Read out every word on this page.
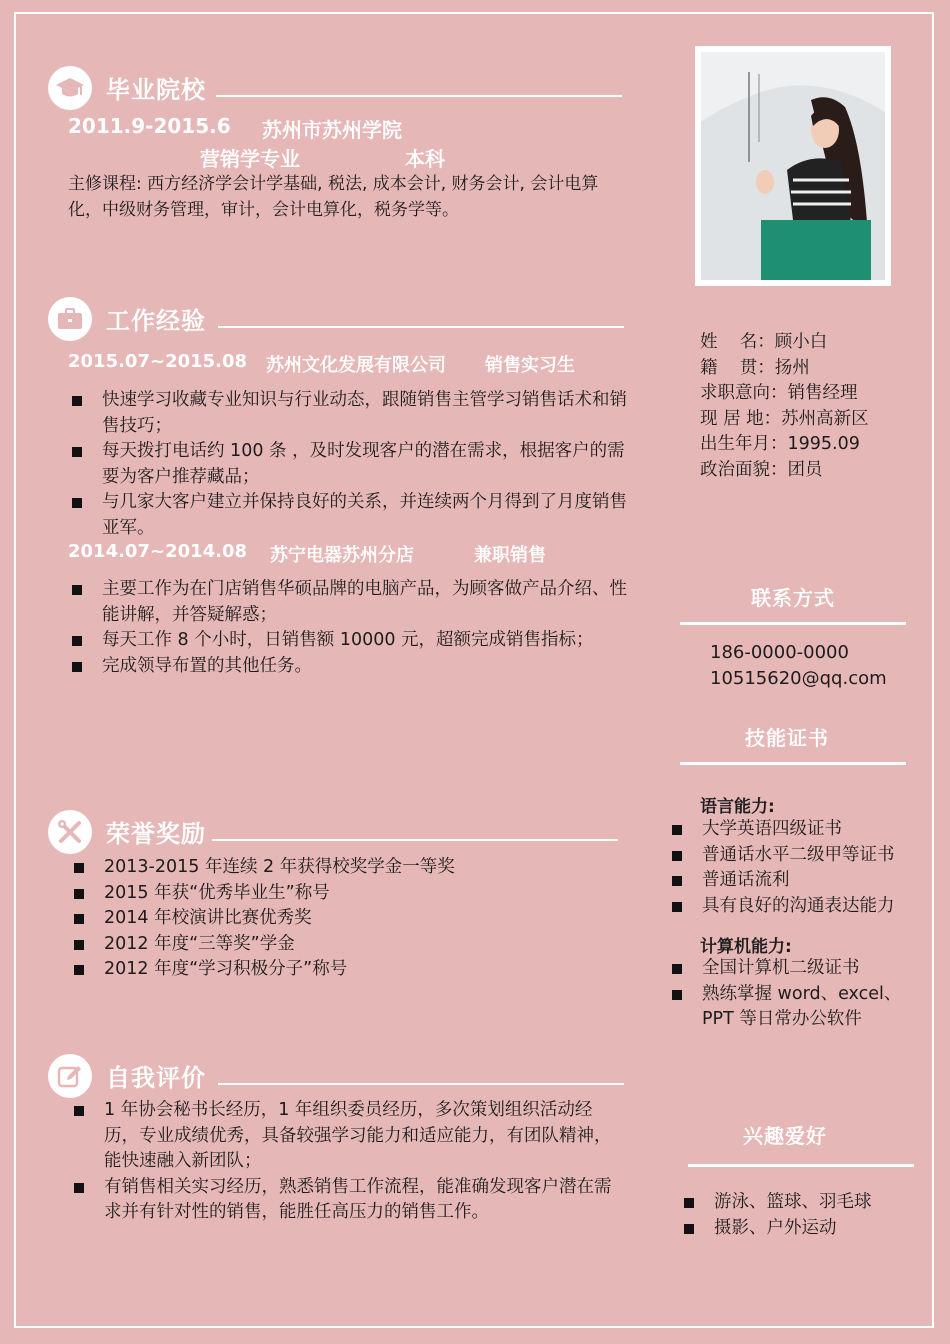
毕业院校
2011.9-2015.6 苏州市苏州学院
营销学专业	本科
主修课程: 西方经济学会计学基础, 税法, 成本会计, 财务会计, 会计电算化，中级财务管理，审计，会计电算化，税务学等。
工作经验
2015.07~2015.08 苏州文化发展有限公司 销售实习生
快速学习收藏专业知识与行业动态，跟随销售主管学习销售话术和销售技巧；
每天拨打电话约 100 条 ，及时发现客户的潜在需求，根据客户的需要为客户推荐藏品；
与几家大客户建立并保持良好的关系，并连续两个月得到了月度销售亚军。
2014.07~2014.08 苏宁电器苏州分店	兼职销售
主要工作为在门店销售华硕品牌的电脑产品，为顾客做产品介绍、性能讲解，并答疑解惑；
每天工作 8 个小时，日销售额 10000 元，超额完成销售指标；
完成领导布置的其他任务。
荣誉奖励
2013-2015 年连续 2 年获得校奖学金一等奖
2015 年获“优秀毕业生”称号
2014 年校演讲比赛优秀奖
2012 年度“三等奖”学金
2012 年度“学习积极分子”称号
自我评价
1 年协会秘书长经历，1 年组织委员经历，多次策划组织活动经历，专业成绩优秀，具备较强学习能力和适应能力，有团队精神，能快速融入新团队；
有销售相关实习经历，熟悉销售工作流程，能准确发现客户潜在需求并有针对性的销售，能胜任高压力的销售工作。
姓    名：顾小白
籍    贯：扬州
求职意向：销售经理
现 居 地：苏州高新区
出生年月：1995.09
政治面貌：团员
联系方式
186-0000-0000
10515620@qq.com
技能证书
语言能力:
大学英语四级证书
普通话水平二级甲等证书
普通话流利
具有良好的沟通表达能力
计算机能力:
全国计算机二级证书
熟练掌握 word、excel、PPT 等日常办公软件
兴趣爱好
游泳、篮球、羽毛球
摄影、户外运动
